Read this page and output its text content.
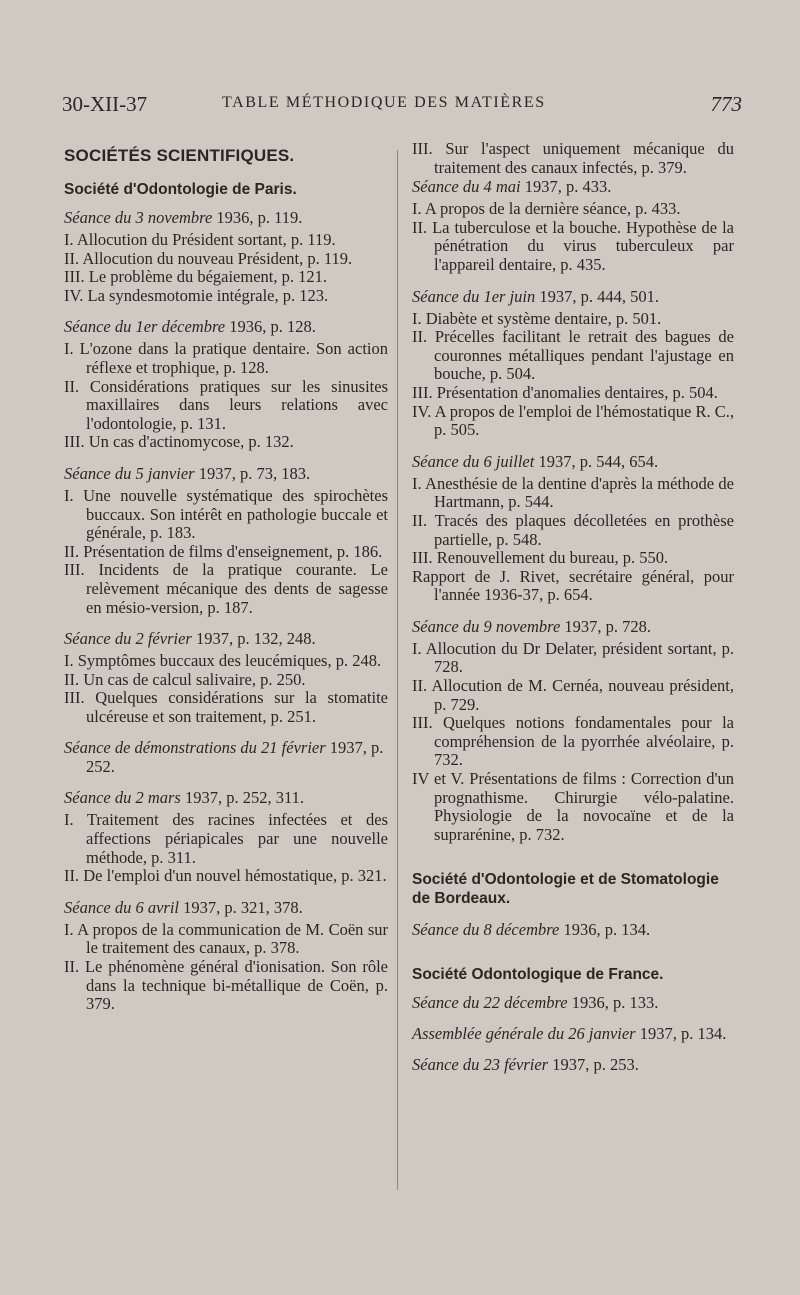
30-XII-37	TABLE MÉTHODIQUE DES MATIÈRES	773

SOCIÉTÉS SCIENTIFIQUES.

Société d'Odontologie de Paris.

Séance du 3 novembre 1936, p. 119.

I. Allocution du Président sortant, p. 119.

II. Allocution du nouveau Président, p. 119.

III. Le problème du bégaiement, p. 121.

IV. La syndesmotomie intégrale, p. 123.

Séance du 1er décembre 1936, p. 128.

I. L'ozone dans la pratique dentaire. Son action réflexe et trophique, p. 128.

II. Considérations pratiques sur les sinusites maxillaires dans leurs relations avec l'odontologie, p. 131.

III. Un cas d'actinomycose, p. 132.

Séance du 5 janvier 1937, p. 73, 183.

I. Une nouvelle systématique des spirochètes buccaux. Son intérêt en pathologie buccale et générale, p. 183.

II. Présentation de films d'enseignement, p. 186.

III. Incidents de la pratique courante. Le relèvement mécanique des dents de sagesse en mésio-version, p. 187.

Séance du 2 février 1937, p. 132, 248.

I. Symptômes buccaux des leucémiques, p. 248.

II. Un cas de calcul salivaire, p. 250.

III. Quelques considérations sur la stomatite ulcéreuse et son traitement, p. 251.

Séance de démonstrations du 21 février 1937, p. 252.

Séance du 2 mars 1937, p. 252, 311.

I. Traitement des racines infectées et des affections périapicales par une nouvelle méthode, p. 311.

II. De l'emploi d'un nouvel hémostatique, p. 321.

Séance du 6 avril 1937, p. 321, 378.

I. A propos de la communication de M. Coën sur le traitement des canaux, p. 378.

II. Le phénomène général d'ionisation. Son rôle dans la technique bi-métallique de Coën, p. 379.

III. Sur l'aspect uniquement mécanique du traitement des canaux infectés, p. 379.

Séance du 4 mai 1937, p. 433.

I. A propos de la dernière séance, p. 433.

II. La tuberculose et la bouche. Hypothèse de la pénétration du virus tuberculeux par l'appareil dentaire, p. 435.

Séance du 1er juin 1937, p. 444, 501.

I. Diabète et système dentaire, p. 501.

II. Précelles facilitant le retrait des bagues de couronnes métalliques pendant l'ajustage en bouche, p. 504.

III. Présentation d'anomalies dentaires, p. 504.

IV. A propos de l'emploi de l'hémostatique R. C., p. 505.

Séance du 6 juillet 1937, p. 544, 654.

I. Anesthésie de la dentine d'après la méthode de Hartmann, p. 544.

II. Tracés des plaques décolletées en prothèse partielle, p. 548.

III. Renouvellement du bureau, p. 550.

Rapport de J. Rivet, secrétaire général, pour l'année 1936-37, p. 654.

Séance du 9 novembre 1937, p. 728.

I. Allocution du Dr Delater, président sortant, p. 728.

II. Allocution de M. Cernéa, nouveau président, p. 729.

III. Quelques notions fondamentales pour la compréhension de la pyorrhée alvéolaire, p. 732.

IV et V. Présentations de films : Correction d'un prognathisme. Chirurgie vélo-palatine. Physiologie de la novocaïne et de la suprarénine, p. 732.

Société d'Odontologie et de Stomatologie de Bordeaux.

Séance du 8 décembre 1936, p. 134.

Société Odontologique de France.

Séance du 22 décembre 1936, p. 133.

Assemblée générale du 26 janvier 1937, p. 134.

Séance du 23 février 1937, p. 253.
